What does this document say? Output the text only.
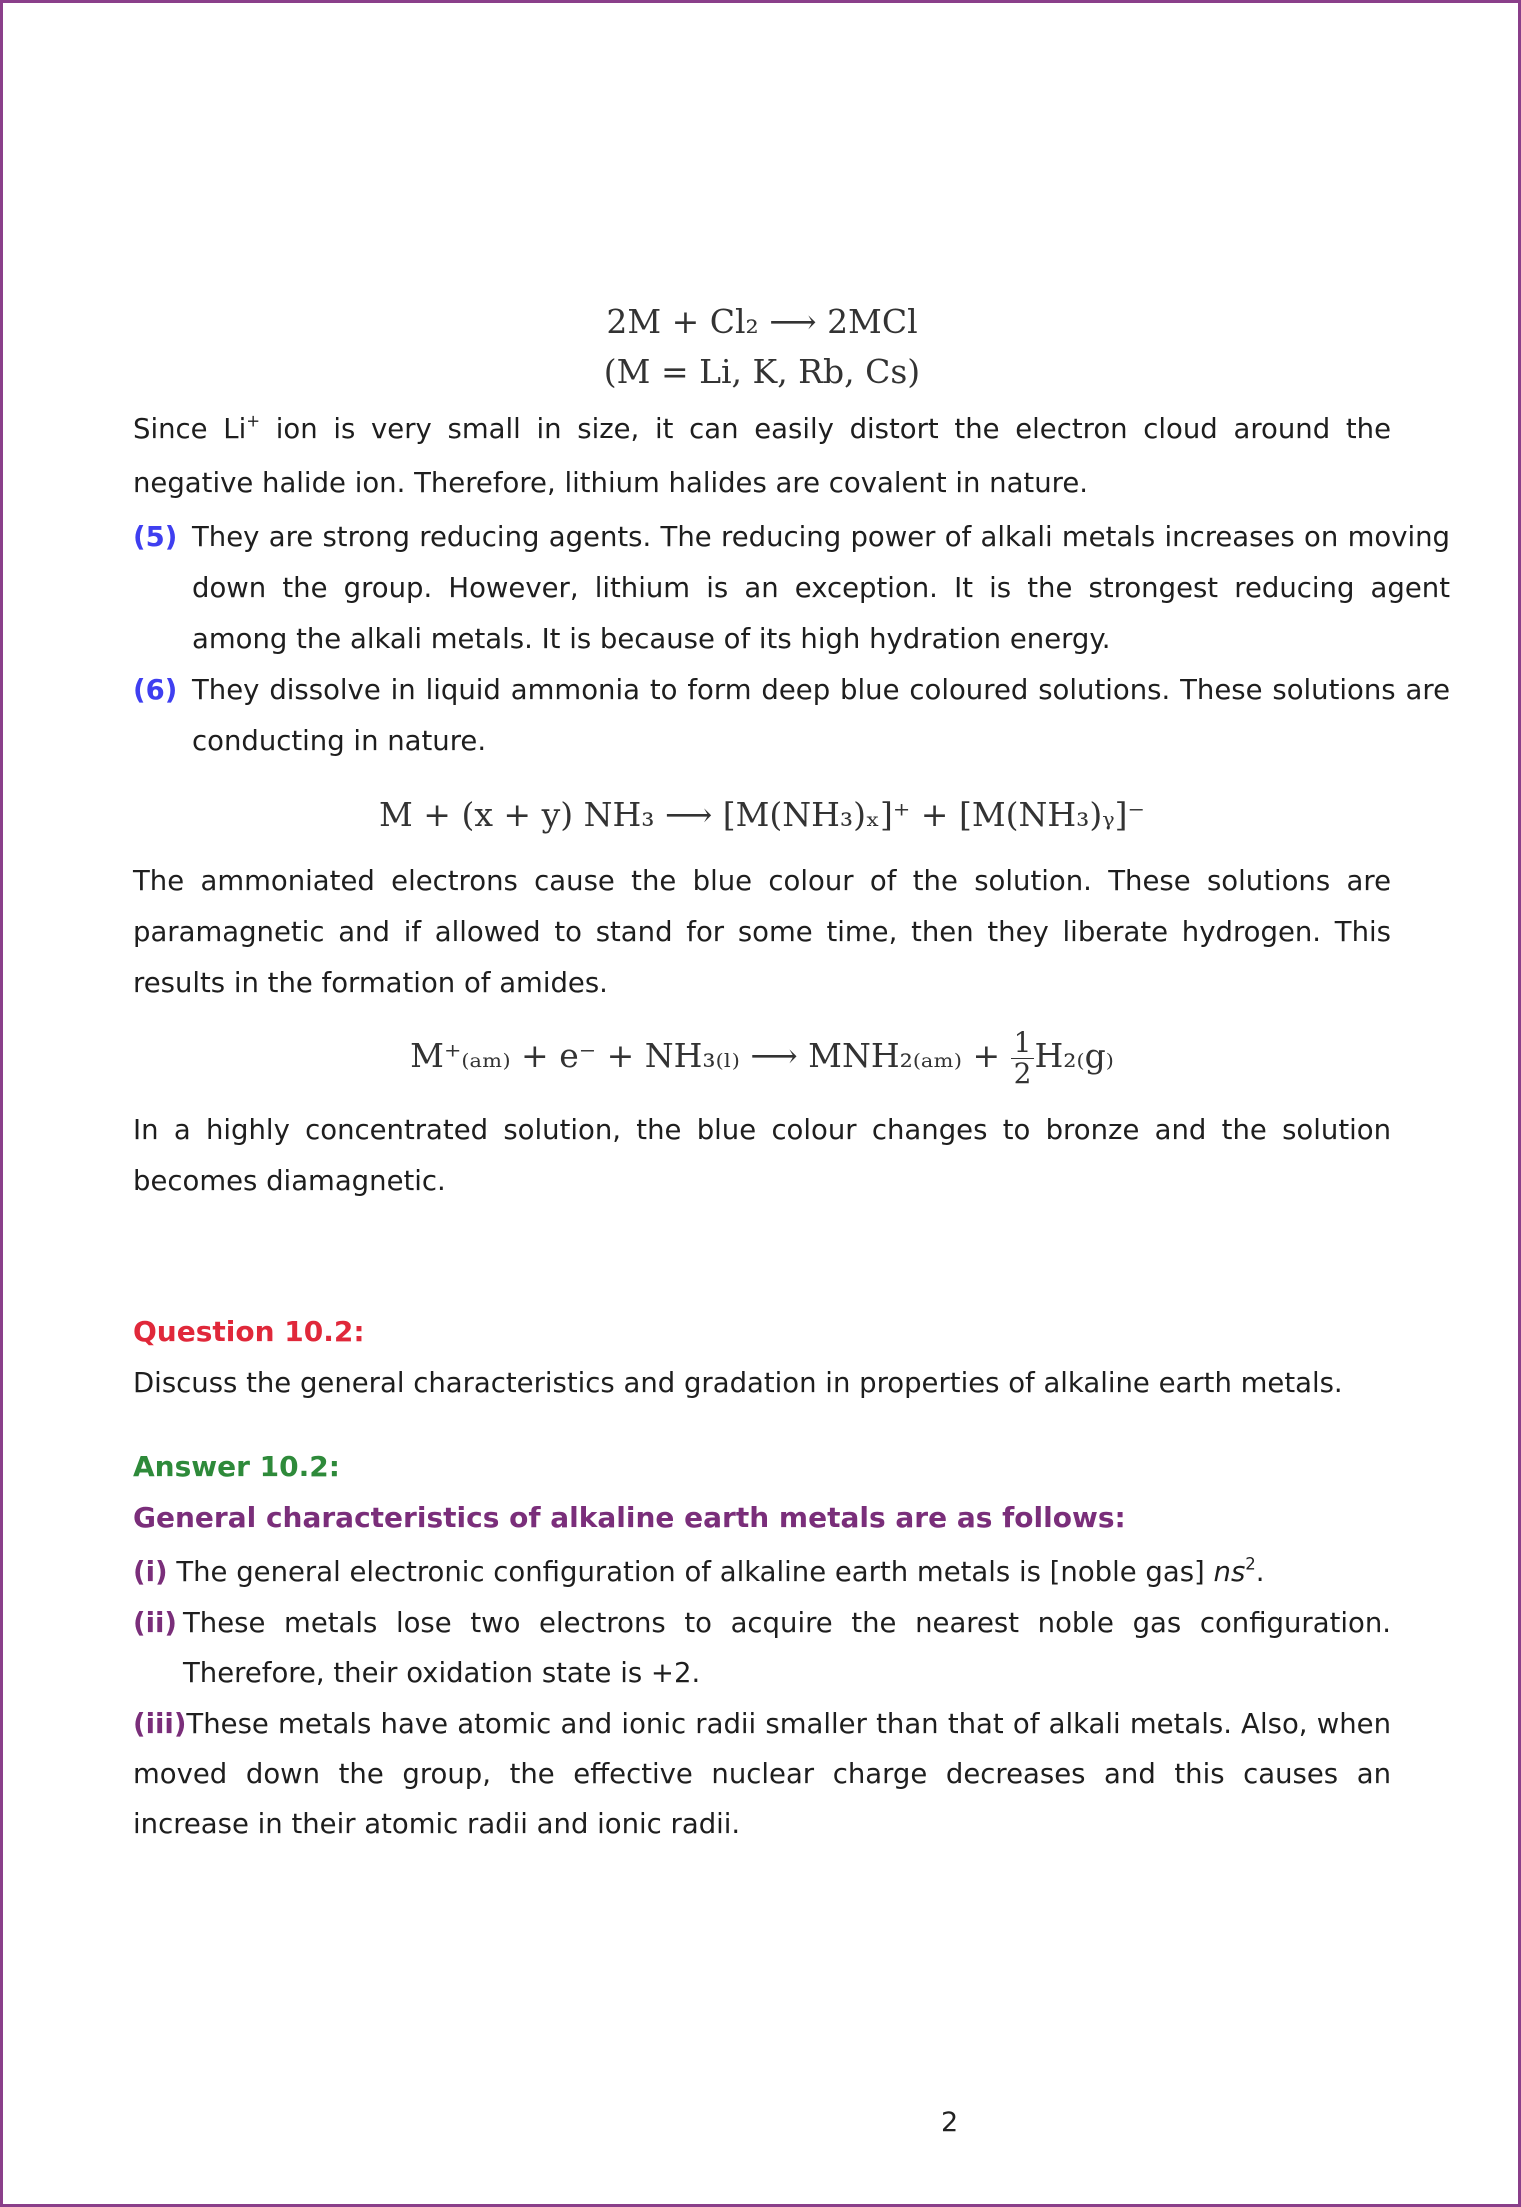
2M + Cl₂ ⟶ 2MCl
(M = Li, K, Rb, Cs)

Since Li+ ion is very small in size, it can easily distort the electron cloud around the negative halide ion. Therefore, lithium halides are covalent in nature.

(5) They are strong reducing agents. The reducing power of alkali metals increases on moving down the group. However, lithium is an exception. It is the strongest reducing agent among the alkali metals. It is because of its high hydration energy.
(6) They dissolve in liquid ammonia to form deep blue coloured solutions. These solutions are conducting in nature.
M + (x + y) NH₃ ⟶ [M(NH₃)ₓ]⁺ + [M(NH₃)ᵧ]⁻

The ammoniated electrons cause the blue colour of the solution. These solutions are paramagnetic and if allowed to stand for some time, then they liberate hydrogen. This results in the formation of amides.

M⁺₍ₐₘ₎ + e⁻ + NH₃₍ₗ₎ ⟶ $MNH_{2(am)} + \frac{1}{2} H_{2(}g_)$

In a highly concentrated solution, the blue colour changes to bronze and the solution becomes diamagnetic.

Question 10.2:

Discuss the general characteristics and gradation in properties of alkaline earth metals.

Answer 10.2:
General characteristics of alkaline earth metals are as follows:
(i) The general electronic configuration of alkaline earth metals is [noble gas] $ns^2$.
(ii) These metals lose two electrons to acquire the nearest noble gas configuration. Therefore, their oxidation state is +2.

(iii)These metals have atomic and ionic radii smaller than that of alkali metals. Also, when moved down the group, the effective nuclear charge decreases and this causes an increase in their atomic radii and ionic radii.

2
